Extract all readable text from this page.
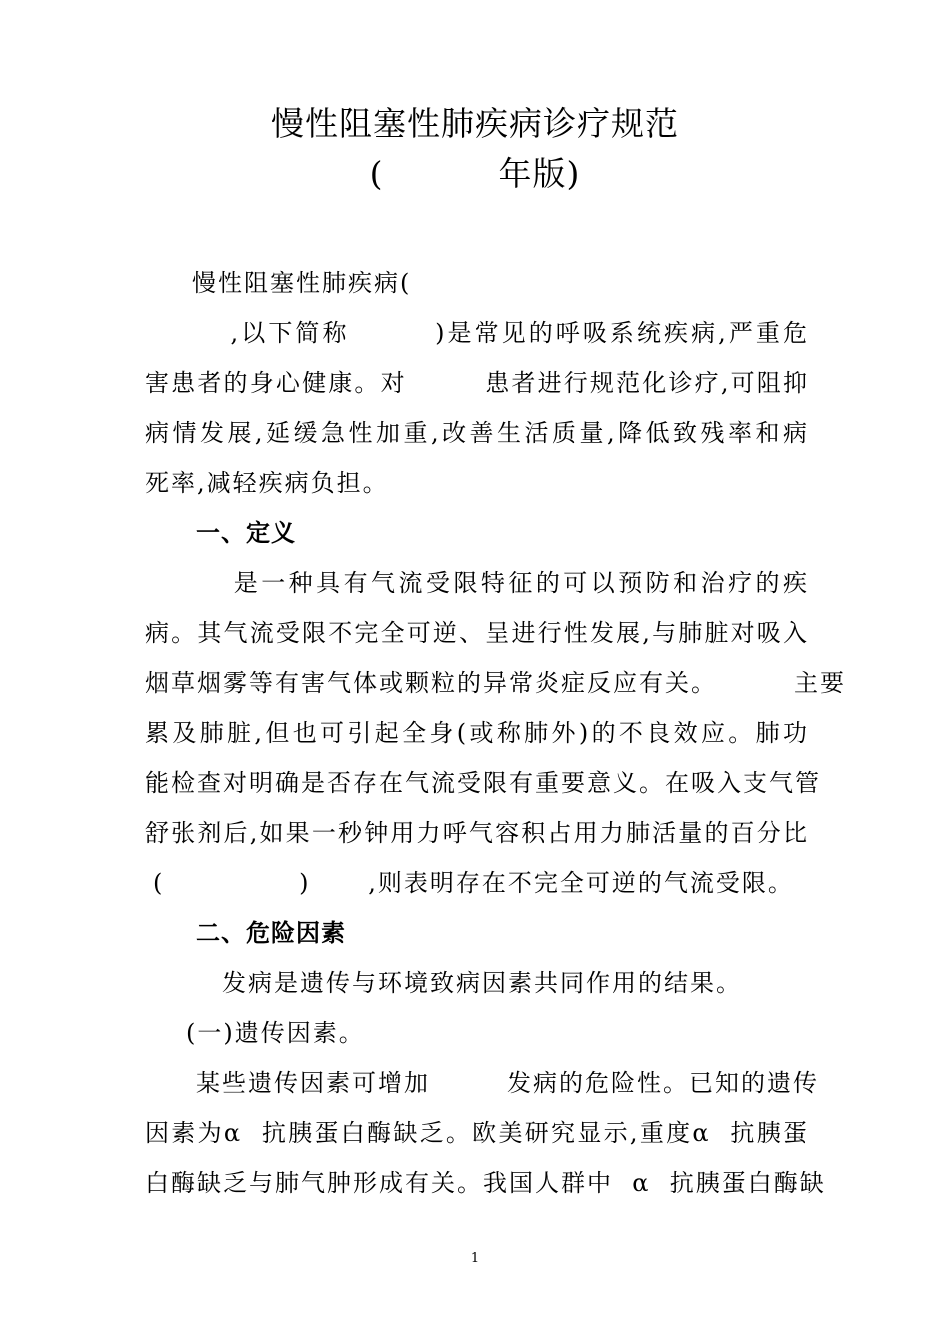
慢性阻塞性肺疾病诊疗规范
(          年版)
慢性阻塞性肺疾病(
,以下简称        )是常见的呼吸系统疾病,严重危
害患者的身心健康。对        患者进行规范化诊疗,可阻抑
病情发展,延缓急性加重,改善生活质量,降低致残率和病
死率,减轻疾病负担。
一、定义
是一种具有气流受限特征的可以预防和治疗的疾
病。其气流受限不完全可逆、呈进行性发展,与肺脏对吸入
烟草烟雾等有害气体或颗粒的异常炎症反应有关。        主要
累及肺脏,但也可引起全身(或称肺外)的不良效应。肺功
能检查对明确是否存在气流受限有重要意义。在吸入支气管
舒张剂后,如果一秒钟用力呼气容积占用力肺活量的百分比
(              )      ,则表明存在不完全可逆的气流受限。
二、危险因素
发病是遗传与环境致病因素共同作用的结果。
(一)遗传因素。
某些遗传因素可增加        发病的危险性。已知的遗传
因素为α  抗胰蛋白酶缺乏。欧美研究显示,重度α  抗胰蛋
白酶缺乏与肺气肿形成有关。我国人群中  α  抗胰蛋白酶缺
1
